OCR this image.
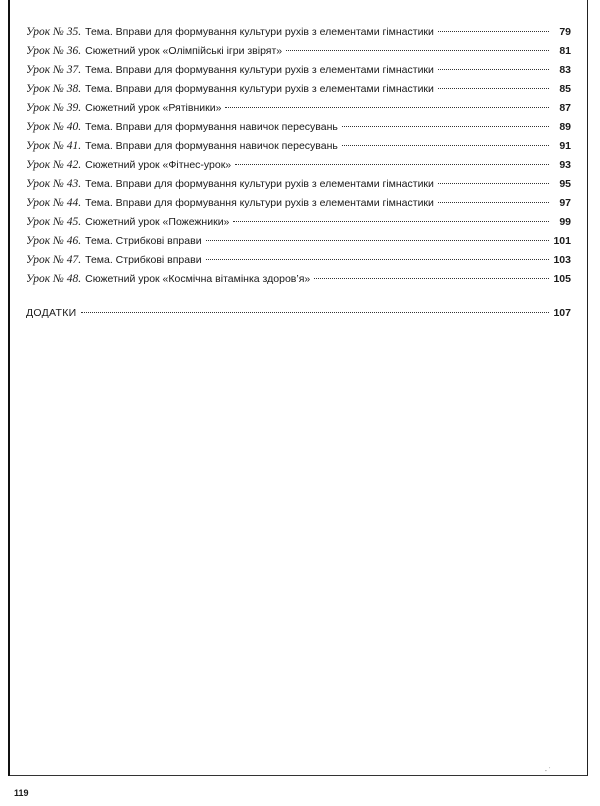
Урок № 35. Тема. Вправи для формування культури рухів з елементами гімнастики	79
Урок № 36. Сюжетний урок «Олімпійські ігри звірят»	81
Урок № 37. Тема. Вправи для формування культури рухів з елементами гімнастики	83
Урок № 38. Тема. Вправи для формування культури рухів з елементами гімнастики	85
Урок № 39. Сюжетний урок «Рятівники»	87
Урок № 40. Тема. Вправи для формування навичок пересувань	89
Урок № 41. Тема. Вправи для формування навичок пересувань	91
Урок № 42. Сюжетний урок «Фітнес-урок»	93
Урок № 43. Тема. Вправи для формування культури рухів з елементами гімнастики	95
Урок № 44. Тема. Вправи для формування культури рухів з елементами гімнастики	97
Урок № 45. Сюжетний урок «Пожежники»	99
Урок № 46. Тема. Стрибкові вправи	101
Урок № 47. Тема. Стрибкові вправи	103
Урок № 48. Сюжетний урок «Космічна вітамінка здоров’я»	105
ДОДАТКИ	107
⸱ ˙
119
